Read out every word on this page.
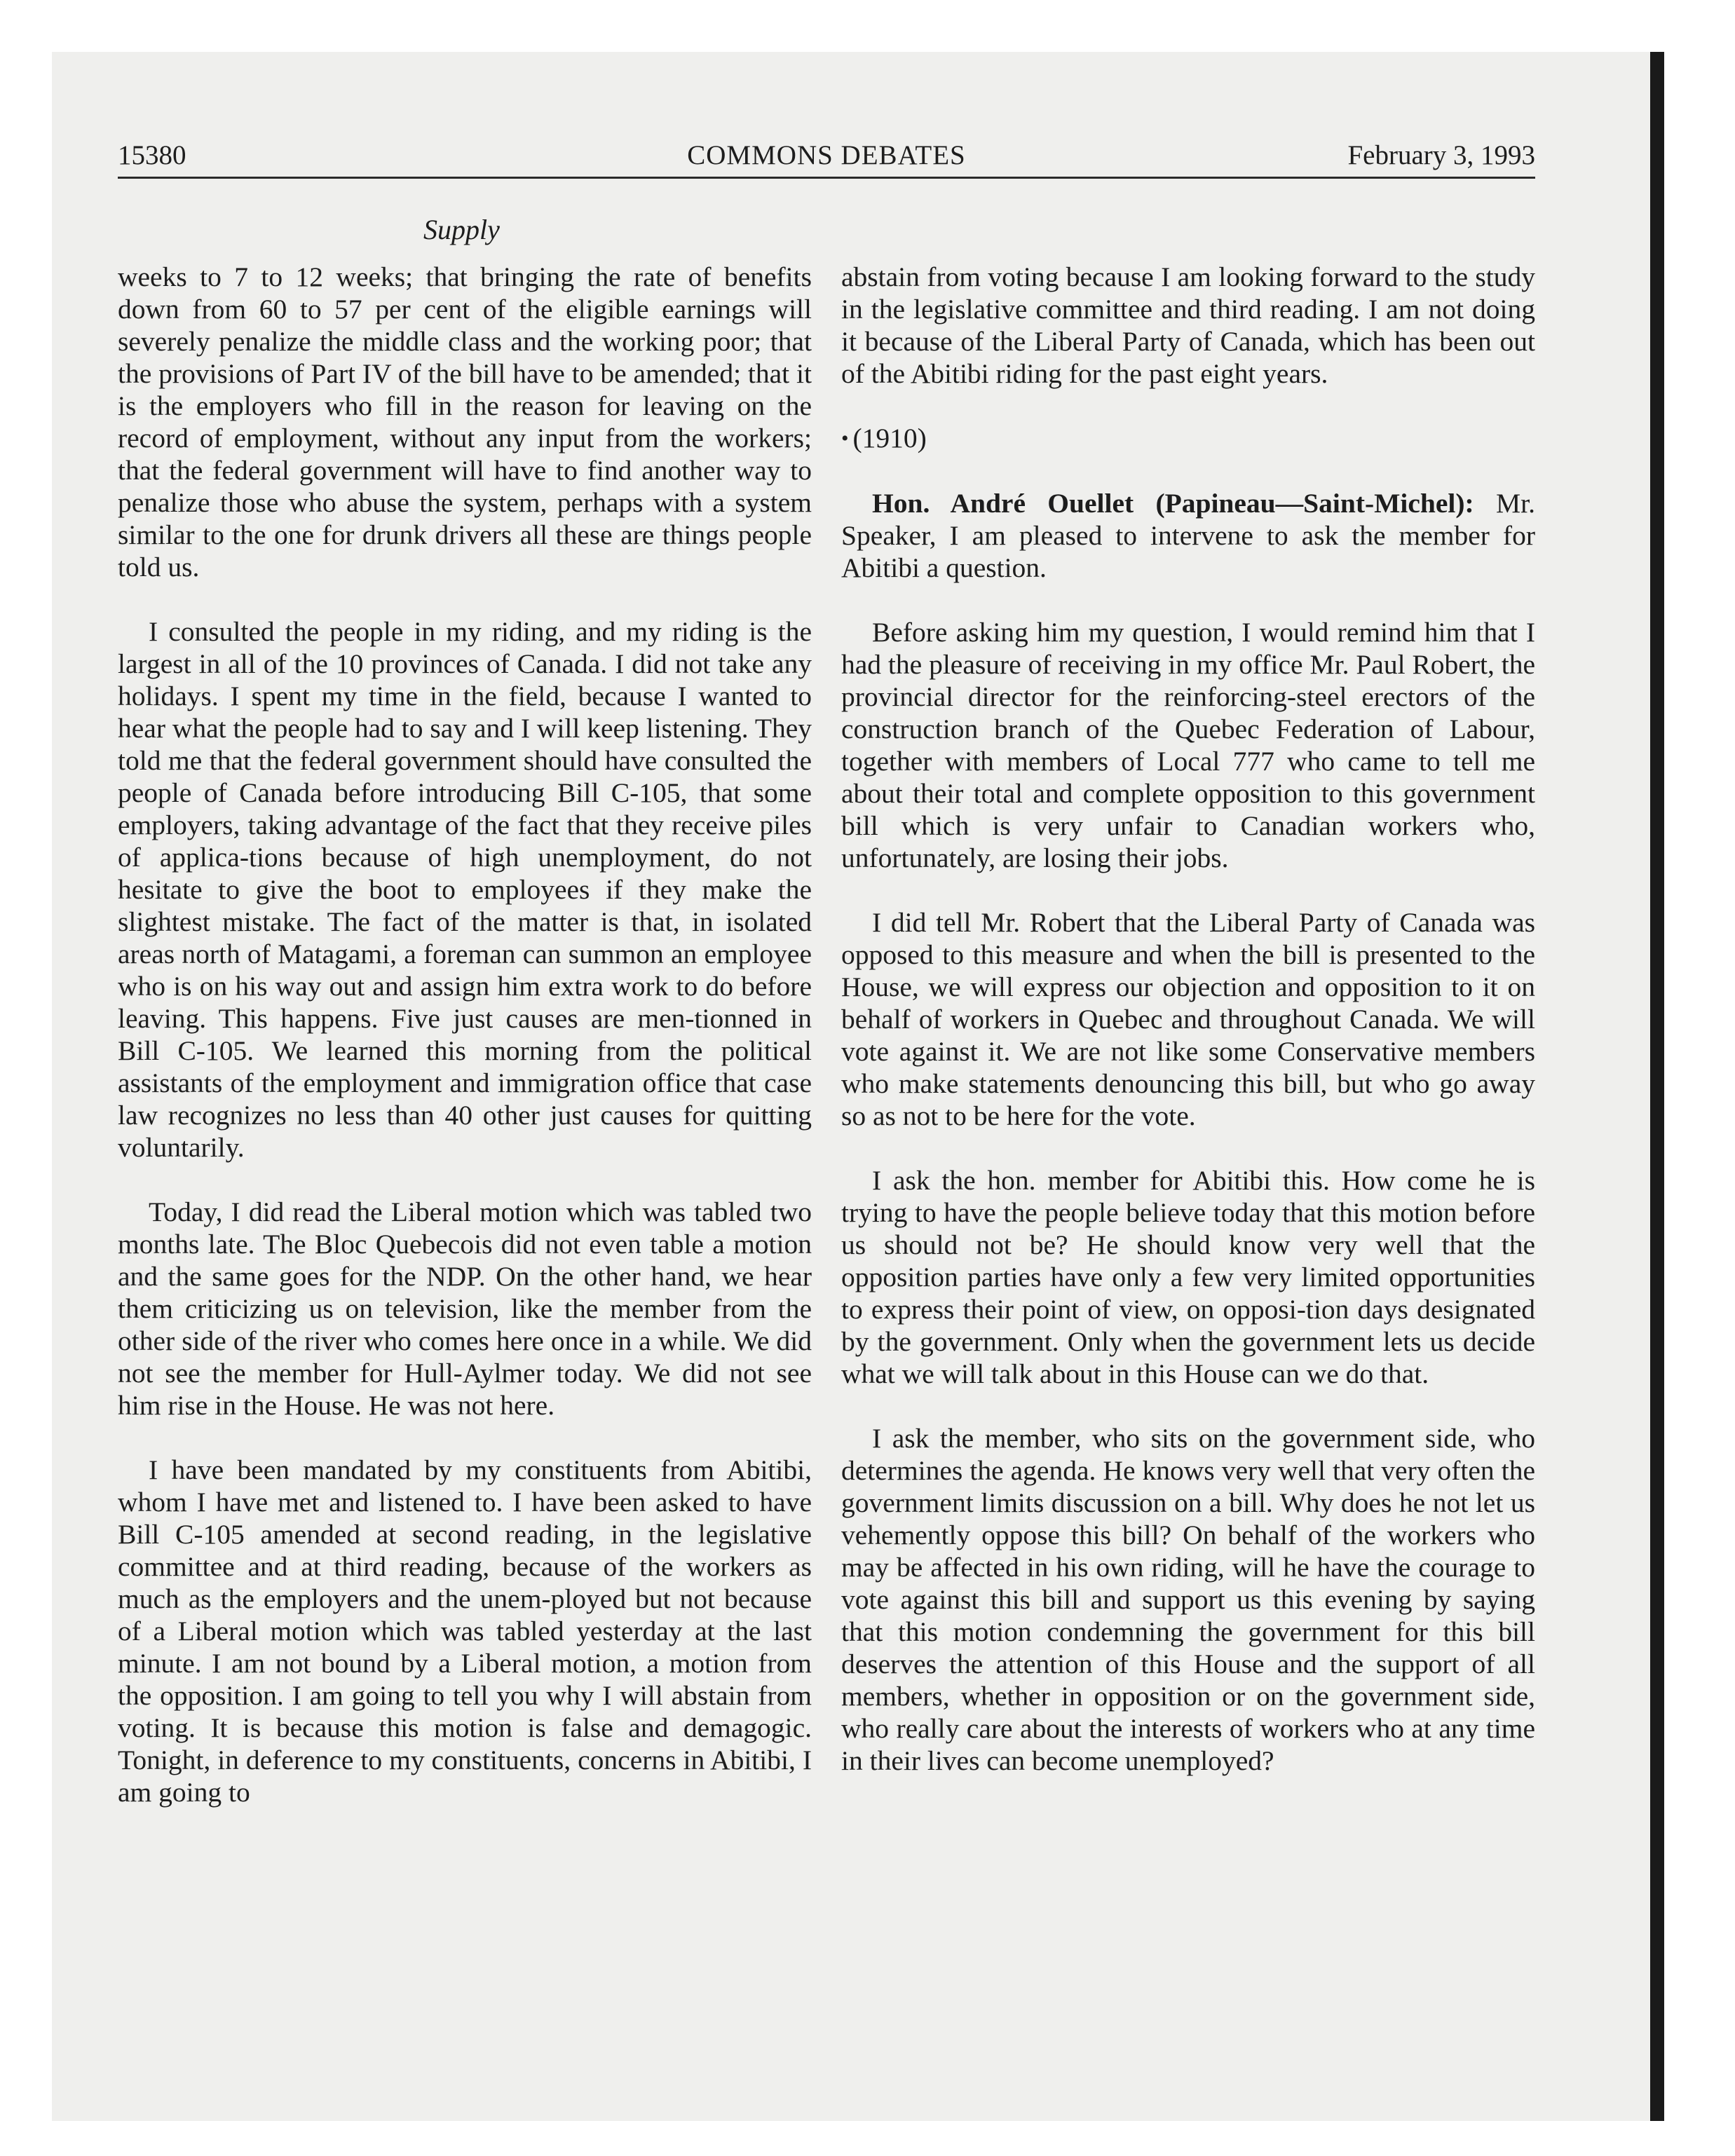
15380	COMMONS DEBATES	February 3, 1993
Supply

weeks to 7 to 12 weeks; that bringing the rate of benefits down from 60 to 57 per cent of the eligible earnings will severely penalize the middle class and the working poor; that the provisions of Part IV of the bill have to be amended; that it is the employers who fill in the reason for leaving on the record of employment, without any input from the workers; that the federal government will have to find another way to penalize those who abuse the system, perhaps with a system similar to the one for drunk drivers all these are things people told us.

I consulted the people in my riding, and my riding is the largest in all of the 10 provinces of Canada. I did not take any holidays. I spent my time in the field, because I wanted to hear what the people had to say and I will keep listening. They told me that the federal government should have consulted the people of Canada before introducing Bill C-105, that some employers, taking advantage of the fact that they receive piles of applica-tions because of high unemployment, do not hesitate to give the boot to employees if they make the slightest mistake. The fact of the matter is that, in isolated areas north of Matagami, a foreman can summon an employee who is on his way out and assign him extra work to do before leaving. This happens. Five just causes are men-tionned in Bill C-105. We learned this morning from the political assistants of the employment and immigration office that case law recognizes no less than 40 other just causes for quitting voluntarily.

Today, I did read the Liberal motion which was tabled two months late. The Bloc Quebecois did not even table a motion and the same goes for the NDP. On the other hand, we hear them criticizing us on television, like the member from the other side of the river who comes here once in a while. We did not see the member for Hull-Aylmer today. We did not see him rise in the House. He was not here.

I have been mandated by my constituents from Abitibi, whom I have met and listened to. I have been asked to have Bill C-105 amended at second reading, in the legislative committee and at third reading, because of the workers as much as the employers and the unem-ployed but not because of a Liberal motion which was tabled yesterday at the last minute. I am not bound by a Liberal motion, a motion from the opposition. I am going to tell you why I will abstain from voting. It is because this motion is false and demagogic. Tonight, in deference to my constituents, concerns in Abitibi, I am going to

abstain from voting because I am looking forward to the study in the legislative committee and third reading. I am not doing it because of the Liberal Party of Canada, which has been out of the Abitibi riding for the past eight years.

• (1910)

Hon. André Ouellet (Papineau—Saint-Michel): Mr. Speaker, I am pleased to intervene to ask the member for Abitibi a question.

Before asking him my question, I would remind him that I had the pleasure of receiving in my office Mr. Paul Robert, the provincial director for the reinforcing-steel erectors of the construction branch of the Quebec Federation of Labour, together with members of Local 777 who came to tell me about their total and complete opposition to this government bill which is very unfair to Canadian workers who, unfortunately, are losing their jobs.

I did tell Mr. Robert that the Liberal Party of Canada was opposed to this measure and when the bill is presented to the House, we will express our objection and opposition to it on behalf of workers in Quebec and throughout Canada. We will vote against it. We are not like some Conservative members who make statements denouncing this bill, but who go away so as not to be here for the vote.

I ask the hon. member for Abitibi this. How come he is trying to have the people believe today that this motion before us should not be? He should know very well that the opposition parties have only a few very limited opportunities to express their point of view, on opposi-tion days designated by the government. Only when the government lets us decide what we will talk about in this House can we do that.

I ask the member, who sits on the government side, who determines the agenda. He knows very well that very often the government limits discussion on a bill. Why does he not let us vehemently oppose this bill? On behalf of the workers who may be affected in his own riding, will he have the courage to vote against this bill and support us this evening by saying that this motion condemning the government for this bill deserves the attention of this House and the support of all members, whether in opposition or on the government side, who really care about the interests of workers who at any time in their lives can become unemployed?
